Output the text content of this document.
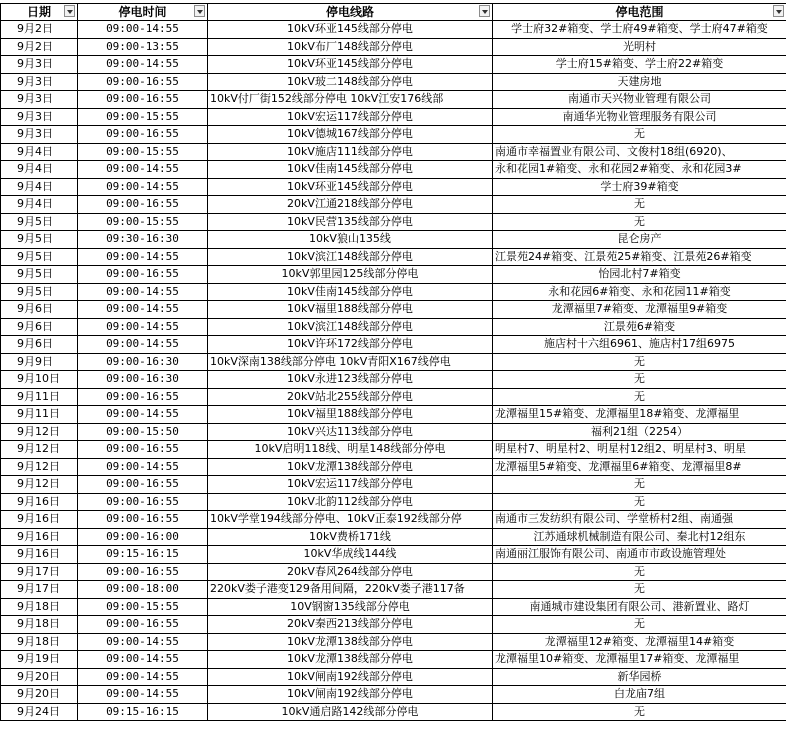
日期	停电时间	停电线路	停电范围

9月2日	09:00-14:55	10kV环亚145线部分停电	学士府32#箱变、学士府49#箱变、学士府47#箱变
9月2日	09:00-13:55	10kV布厂148线部分停电	光明村
9月3日	09:00-14:55	10kV环亚145线部分停电	学士府15#箱变、学士府22#箱变
9月3日	09:00-16:55	10kV玻二148线部分停电	天建房地
9月3日	09:00-16:55	10kV付厂街152线部分停电 10kV江安176线部	南通市天兴物业管理有限公司
9月3日	09:00-15:55	10kV宏运117线部分停电	南通华光物业管理服务有限公司
9月3日	09:00-16:55	10kV德城167线部分停电	无
9月4日	09:00-15:55	10kV施店111线部分停电	南通市幸福置业有限公司、文俊村18组(6920)、
9月4日	09:00-14:55	10kV佳南145线部分停电	永和花园1#箱变、永和花园2#箱变、永和花园3#
9月4日	09:00-14:55	10kV环亚145线部分停电	学士府39#箱变
9月4日	09:00-16:55	20kV江通218线部分停电	无
9月5日	09:00-15:55	10kV民营135线部分停电	无
9月5日	09:30-16:30	10kV狼山135线	昆仑房产
9月5日	09:00-14:55	10kV滨江148线部分停电	江景苑24#箱变、江景苑25#箱变、江景苑26#箱变
9月5日	09:00-16:55	10kV郭里园125线部分停电	怡园北村7#箱变
9月5日	09:00-14:55	10kV佳南145线部分停电	永和花园6#箱变、永和花园11#箱变
9月6日	09:00-14:55	10kV福里188线部分停电	龙潭福里7#箱变、龙潭福里9#箱变
9月6日	09:00-14:55	10kV滨江148线部分停电	江景苑6#箱变
9月6日	09:00-14:55	10kV许环172线部分停电	施店村十六组6961、施店村17组6975
9月9日	09:00-16:30	10kV深南138线部分停电 10kV青阳X167线停电	无
9月10日	09:00-16:30	10kV永进123线部分停电	无
9月11日	09:00-16:55	20kV站北255线部分停电	无
9月11日	09:00-14:55	10kV福里188线部分停电	龙潭福里15#箱变、龙潭福里18#箱变、龙潭福里
9月12日	09:00-15:50	10kV兴达113线部分停电	福利21组（2254）
9月12日	09:00-16:55	10kV启明118线、明星148线部分停电	明星村7、明星村2、明星村12组2、明星村3、明星
9月12日	09:00-14:55	10kV龙潭138线部分停电	龙潭福里5#箱变、龙潭福里6#箱变、龙潭福里8#
9月12日	09:00-16:55	10kV宏运117线部分停电	无
9月16日	09:00-16:55	10kV北韵112线部分停电	无
9月16日	09:00-16:55	10kV学堂194线部分停电、10kV正泰192线部分停	南通市三发纺织有限公司、学堂桥村2组、南通强
9月16日	09:00-16:00	10kV费桥171线	江苏通球机械制造有限公司、秦北村12组东
9月16日	09:15-16:15	10kV华成线144线	南通丽江服饰有限公司、南通市市政设施管理处
9月17日	09:00-16:55	20kV春风264线部分停电	无
9月17日	09:00-18:00	220kV娄子港变129备用间隔，220kV娄子港117备	无
9月18日	09:00-15:55	10V钢窗135线部分停电	南通城市建设集团有限公司、港新置业、路灯
9月18日	09:00-16:55	20kV秦西213线部分停电	无
9月18日	09:00-14:55	10kV龙潭138线部分停电	龙潭福里12#箱变、龙潭福里14#箱变
9月19日	09:00-14:55	10kV龙潭138线部分停电	龙潭福里10#箱变、龙潭福里17#箱变、龙潭福里
9月20日	09:00-14:55	10kV闸南192线部分停电	新华园桥
9月20日	09:00-14:55	10kV闸南192线部分停电	白龙庙7组
9月24日	09:15-16:15	10kV通启路142线部分停电	无
